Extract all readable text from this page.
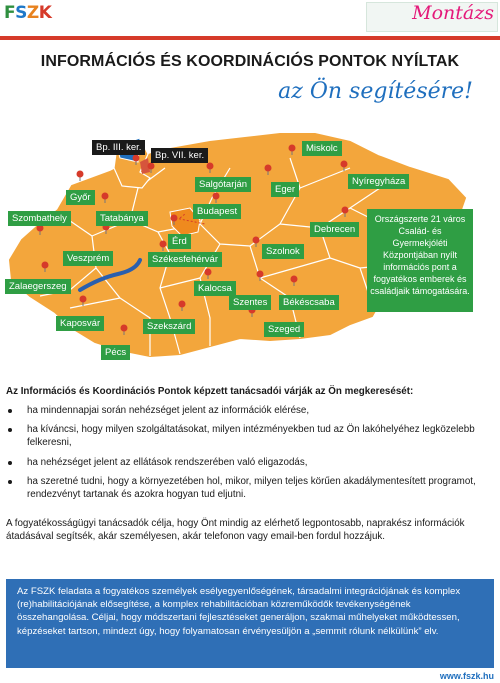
FSZK	Montázs
INFORMÁCIÓS ÉS KOORDINÁCIÓS PONTOK NYÍLTAK
az Ön segítésére!
Bp. III. ker.
Bp. VII. ker.
Miskolc
Salgótarján	Eger
Nyíregyháza
Győr
Budapest
Szombathely	Tatabánya
Érd
Debrecen
Veszprém	Székesfehérvár
Szolnok
Zalaegerszeg	Kalocsa
Szentes	Békéscsaba
Kaposvár	Szekszárd	Szeged
Pécs
Országszerte 21 város Család- és Gyermekjóléti Központjában nyílt információs pont a fogyatékos emberek és családjaik támogatására.
Az Információs és Koordinációs Pontok képzett tanácsadói várják az Ön megkeresését:
ha mindennapjai során nehézséget jelent az információk elérése,
ha kíváncsi, hogy milyen szolgáltatásokat, milyen intézményekben tud az Ön lakóhelyéhez legközelebb felkeresni,
ha nehézséget jelent az ellátások rendszerében való eligazodás,
ha szeretné tudni, hogy a környezetében hol, mikor, milyen teljes körűen akadálymentesített programot, rendezvényt tartanak és azokra hogyan tud eljutni.
A fogyatékosságügyi tanácsadók célja, hogy Önt mindig az elérhető legpontosabb, naprakész információk átadásával segítsék, akár személyesen, akár telefonon vagy email-ben fordul hozzájuk.
Az FSZK feladata a fogyatékos személyek esélyegyenlőségének, társadalmi integrációjának és komplex (re)habilitációjának elősegítése, a komplex rehabilitációban közreműködők tevékenységének összehangolása. Céljai, hogy módszertani fejlesztéseket generáljon, szakmai műhelyeket működtessen, képzéseket tartson, mindezt úgy, hogy folyamatosan érvényesüljön a „semmit rólunk nélkülünk” elv.
www.fszk.hu
